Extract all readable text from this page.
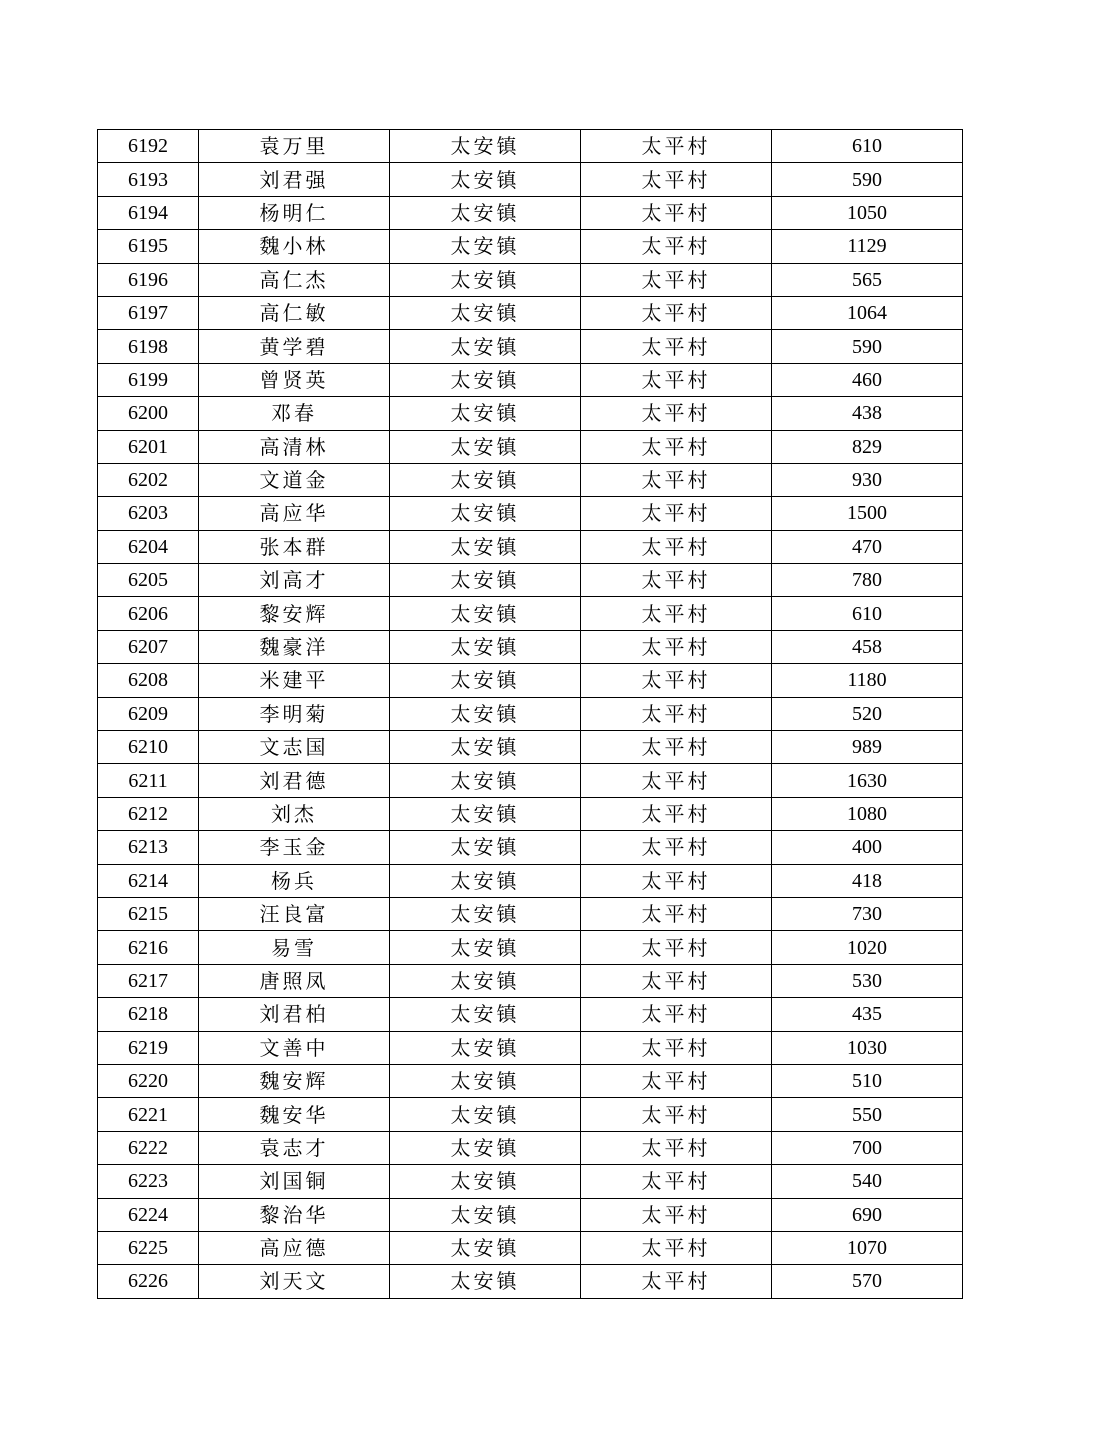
6192	袁万里	太安镇	太平村	610
6193	刘君强	太安镇	太平村	590
6194	杨明仁	太安镇	太平村	1050
6195	魏小林	太安镇	太平村	1129
6196	高仁杰	太安镇	太平村	565
6197	高仁敏	太安镇	太平村	1064
6198	黄学碧	太安镇	太平村	590
6199	曾贤英	太安镇	太平村	460
6200	邓春	太安镇	太平村	438
6201	高清林	太安镇	太平村	829
6202	文道金	太安镇	太平村	930
6203	高应华	太安镇	太平村	1500
6204	张本群	太安镇	太平村	470
6205	刘高才	太安镇	太平村	780
6206	黎安辉	太安镇	太平村	610
6207	魏豪洋	太安镇	太平村	458
6208	米建平	太安镇	太平村	1180
6209	李明菊	太安镇	太平村	520
6210	文志国	太安镇	太平村	989
6211	刘君德	太安镇	太平村	1630
6212	刘杰	太安镇	太平村	1080
6213	李玉金	太安镇	太平村	400
6214	杨兵	太安镇	太平村	418
6215	汪良富	太安镇	太平村	730
6216	易雪	太安镇	太平村	1020
6217	唐照凤	太安镇	太平村	530
6218	刘君柏	太安镇	太平村	435
6219	文善中	太安镇	太平村	1030
6220	魏安辉	太安镇	太平村	510
6221	魏安华	太安镇	太平村	550
6222	袁志才	太安镇	太平村	700
6223	刘国铜	太安镇	太平村	540
6224	黎治华	太安镇	太平村	690
6225	高应德	太安镇	太平村	1070
6226	刘天文	太安镇	太平村	570
